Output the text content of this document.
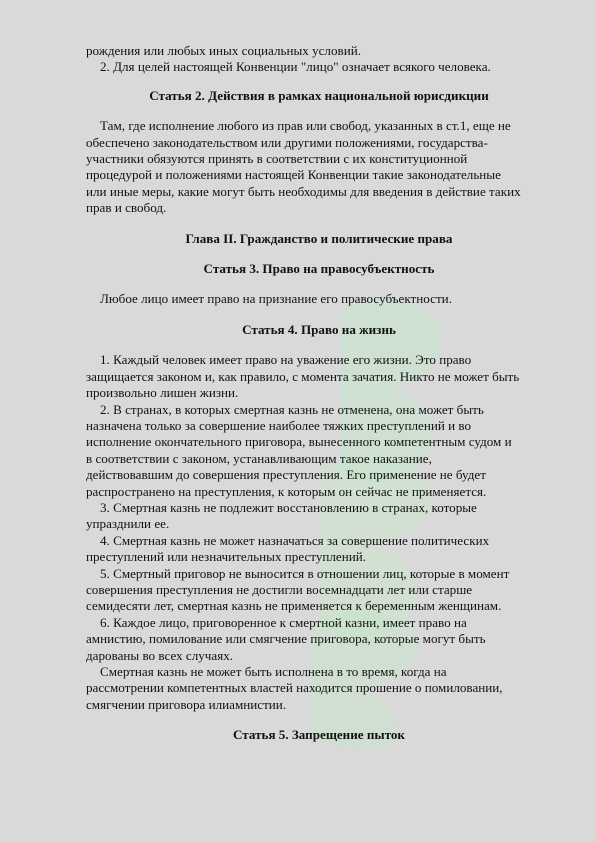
рождения или любых иных социальных условий.

2. Для целей настоящей Конвенции "лицо" означает всякого человека.

Статья 2. Действия в рамках национальной юрисдикции

Там, где исполнение любого из прав или свобод, указанных в ст.1, еще не

обеспечено законодательством или другими положениями, государства-

участники обязуются принять в соответствии с их конституционной

процедурой и положениями настоящей Конвенции такие законодательные

или иные меры, какие могут быть необходимы для введения в действие таких

прав и свобод.

Глава II. Гражданство и политические права

Статья 3. Право на правосубъектность

Любое лицо имеет право на признание его правосубъектности.

Статья 4. Право на жизнь

1. Каждый человек имеет право на уважение его жизни. Это право

защищается законом и, как правило, с момента зачатия. Никто не может быть

произвольно лишен жизни.

2. В странах, в которых смертная казнь не отменена, она может быть

назначена только за совершение наиболее тяжких преступлений и во

исполнение окончательного приговора, вынесенного компетентным судом и

в соответствии с законом, устанавливающим такое наказание,

действовавшим до совершения преступления. Его применение не будет

распространено на преступления, к которым он сейчас не применяется.

3. Смертная казнь не подлежит восстановлению в странах, которые

упразднили ее.

4. Смертная казнь не может назначаться за совершение политических

преступлений или незначительных преступлений.

5. Смертный приговор не выносится в отношении лиц, которые в момент

совершения преступления не достигли восемнадцати лет или старше

семидесяти лет, смертная казнь не применяется к беременным женщинам.

6. Каждое лицо, приговоренное к смертной казни, имеет право на

амнистию, помилование или смягчение приговора, которые могут быть

дарованы во всех случаях.

Смертная казнь не может быть исполнена в то время, когда на

рассмотрении компетентных властей находится прошение о помиловании,

смягчении приговора илиамнистии.

Статья 5. Запрещение пыток
